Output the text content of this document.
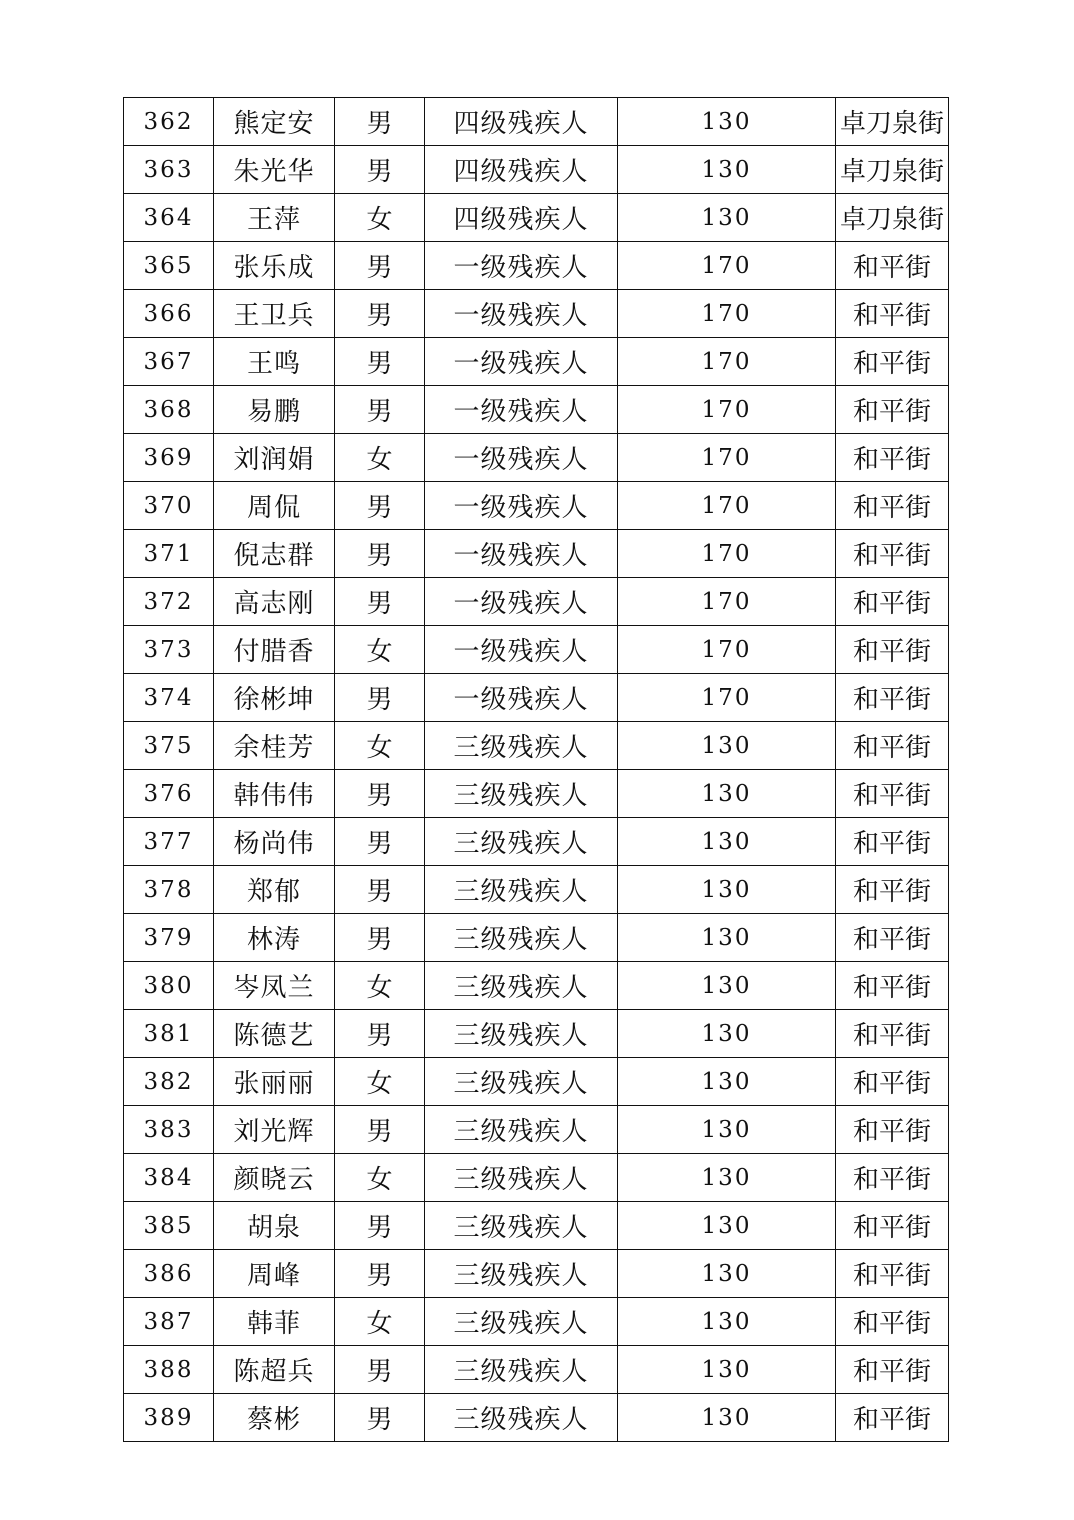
362	熊定安	男	四级残疾人	130	卓刀泉街
363	朱光华	男	四级残疾人	130	卓刀泉街
364	王萍	女	四级残疾人	130	卓刀泉街
365	张乐成	男	一级残疾人	170	和平街
366	王卫兵	男	一级残疾人	170	和平街
367	王鸣	男	一级残疾人	170	和平街
368	易鹏	男	一级残疾人	170	和平街
369	刘润娟	女	一级残疾人	170	和平街
370	周侃	男	一级残疾人	170	和平街
371	倪志群	男	一级残疾人	170	和平街
372	高志刚	男	一级残疾人	170	和平街
373	付腊香	女	一级残疾人	170	和平街
374	徐彬坤	男	一级残疾人	170	和平街
375	余桂芳	女	三级残疾人	130	和平街
376	韩伟伟	男	三级残疾人	130	和平街
377	杨尚伟	男	三级残疾人	130	和平街
378	郑郁	男	三级残疾人	130	和平街
379	林涛	男	三级残疾人	130	和平街
380	岑凤兰	女	三级残疾人	130	和平街
381	陈德艺	男	三级残疾人	130	和平街
382	张丽丽	女	三级残疾人	130	和平街
383	刘光辉	男	三级残疾人	130	和平街
384	颜晓云	女	三级残疾人	130	和平街
385	胡泉	男	三级残疾人	130	和平街
386	周峰	男	三级残疾人	130	和平街
387	韩菲	女	三级残疾人	130	和平街
388	陈超兵	男	三级残疾人	130	和平街
389	蔡彬	男	三级残疾人	130	和平街
